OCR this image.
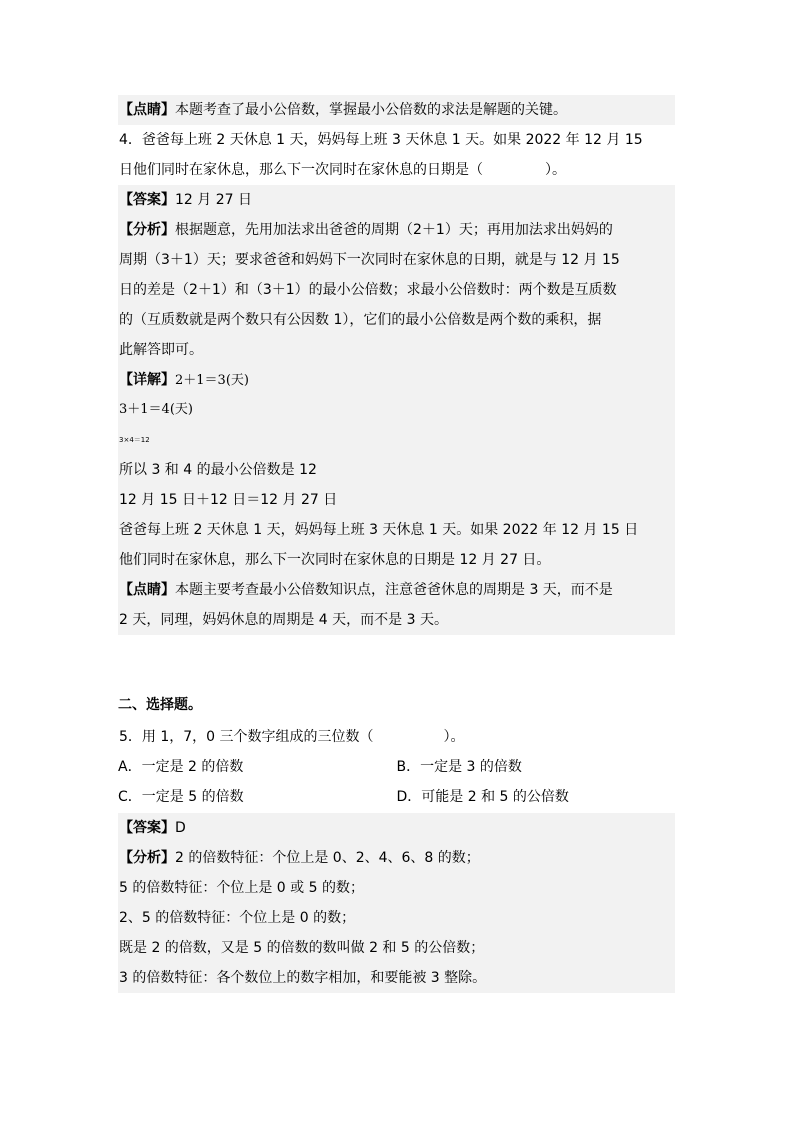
【点睛】本题考查了最小公倍数，掌握最小公倍数的求法是解题的关键。
4．爸爸每上班 2 天休息 1 天，妈妈每上班 3 天休息 1 天。如果 2022 年 12 月 15
日他们同时在家休息，那么下一次同时在家休息的日期是（	）。
【答案】12 月 27 日
【分析】根据题意，先用加法求出爸爸的周期（2＋1）天；再用加法求出妈妈的
周期（3＋1）天；要求爸爸和妈妈下一次同时在家休息的日期，就是与 12 月 15
日的差是（2＋1）和（3＋1）的最小公倍数；求最小公倍数时：两个数是互质数
的（互质数就是两个数只有公因数 1），它们的最小公倍数是两个数的乘积，据
此解答即可。
【详解】2＋1＝3(天)
3＋1＝4(天)
3×4＝12
所以 3 和 4 的最小公倍数是 12
12 月 15 日＋12 日＝12 月 27 日
爸爸每上班 2 天休息 1 天，妈妈每上班 3 天休息 1 天。如果 2022 年 12 月 15 日
他们同时在家休息，那么下一次同时在家休息的日期是 12 月 27 日。
【点睛】本题主要考查最小公倍数知识点，注意爸爸休息的周期是 3 天，而不是
2 天，同理，妈妈休息的周期是 4 天，而不是 3 天。
二、选择题。
5．用 1，7，0 三个数字组成的三位数（	）。
A．一定是 2 的倍数	B．一定是 3 的倍数
C．一定是 5 的倍数	D．可能是 2 和 5 的公倍数
【答案】D
【分析】2 的倍数特征：个位上是 0、2、4、6、8 的数；
5 的倍数特征：个位上是 0 或 5 的数；
2、5 的倍数特征：个位上是 0 的数；
既是 2 的倍数，又是 5 的倍数的数叫做 2 和 5 的公倍数；
3 的倍数特征：各个数位上的数字相加，和要能被 3 整除。
